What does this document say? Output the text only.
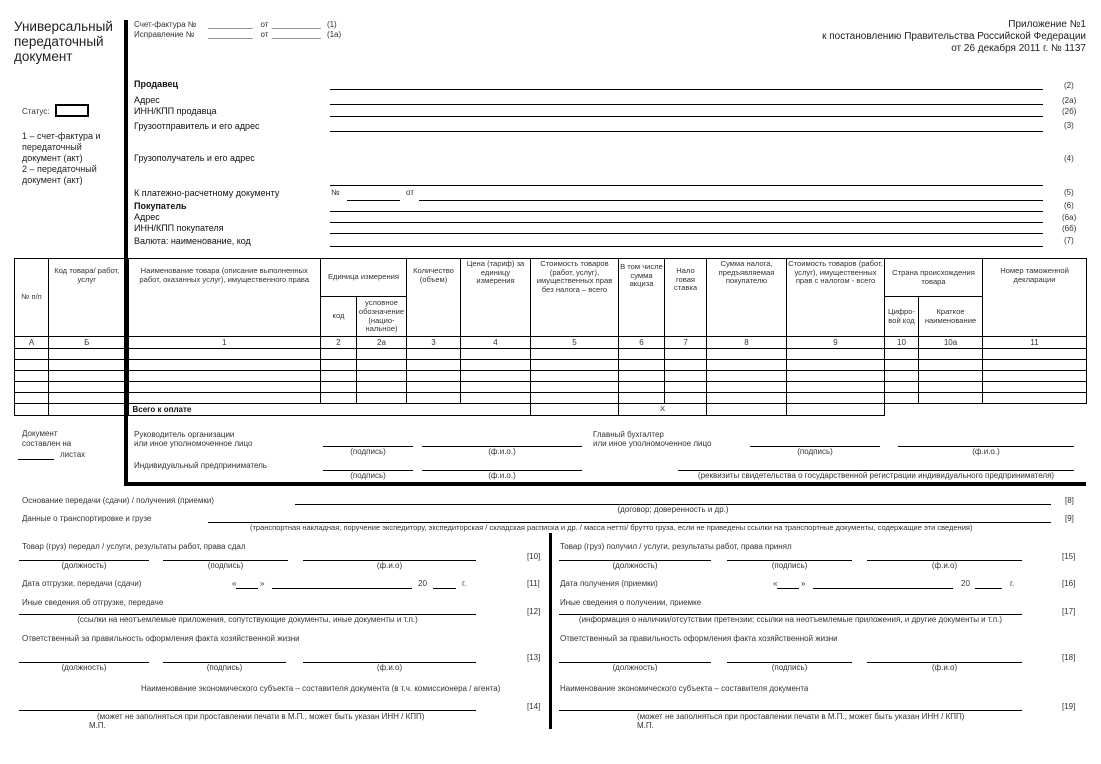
Универсальный
передаточный
документ
Статус:
1 – счет-фактура и
передаточный
документ (акт)
2 – передаточный
документ (акт)
Счет-фактура № __________ от ___________ (1)
Исправление № __________ от ___________ (1а)
Приложение №1
к постановлению Правительства Российской Федерации
от 26 декабря 2011 г. № 1137
Продавец	(2)
Адрес	(2а)
ИНН/КПП продавца	(2б)
Грузоотправитель и его адрес	(3)
Грузополучатель и его адрес	(4)
К платежно-расчетному документу	№	от	(5)
Покупатель	(6)
Адрес	(6а)
ИНН/КПП покупателя	(6б)
Валюта: наименование, код	(7)
№ п/п	Код товара/ работ, услуг	Наименование товара (описание выполненных работ, оказанных услуг), имущественного права	Единица измерения		Количество (объем)	Цена (тариф) за единицу измерения	Стоимость товаров (работ, услуг), имущественных прав без налога – всего	В том числе сумма акциза	Нало говая ставка	Сумма налога, предъявляемая покупателю	Стоимость товаров (работ, услуг), имущественных прав с налогом - всего	Страна происхождения товара		Номер таможенной декларации
			код	условное обозначение (нацио- нальное)								Цифро- вой код	Краткое наименование	
А	Б	1	2	2а	3	4	5	6	7	8	9	10	10а	11

		Всего к оплате						X						
Документ
составлен на
листах
Руководитель организации
или иное уполномоченное лицо
(подпись)	(ф.и.о.)
Главный бухгалтер
или иное уполномоченное лицо
(подпись)	(ф.и.о.)
Индивидуальный предприниматель
(подпись)	(ф.и.о.)	(реквизиты свидетельства о государственной регистрации индивидуального предпринимателя)
Основание передачи (сдачи) / получения (приемки)
(договор; доверенность и др.)
[8]
Данные о транспортировке и грузе
(транспортная накладная, поручение экспедитору, экспедиторская / складская расписка и др. / масса нетто/ брутто груза, если не приведены ссылки на транспортные документы, содержащие эти сведения)
[9]
Товар (груз) передал / услуги, результаты работ, права сдал
(должность)	(подпись)	(ф.и.о)
[10]
Дата отгрузки, передачи (сдачи)	«	»	20	г.	[11]
Иные сведения об отгрузке, передаче
(ссылки на неотъемлемые приложения, сопутствующие документы, иные документы и т.п.)
[12]
Ответственный за правильность оформления факта хозяйственной жизни
(должность)	(подпись)	(ф.и.о)
[13]
Наименование экономического субъекта – составителя документа (в т.ч. комиссионера / агента)
(может не заполняться при проставлении печати в М.П., может быть указан ИНН / КПП)
М.П.
[14]
Товар (груз) получил / услуги, результаты работ, права принял
(должность)	(подпись)	(ф.и.о)
[15]
Дата получения (приемки)	«	»	20	г.	[16]
Иные сведения о получении, приемке
(информация о наличии/отсутствии претензии; ссылки на неотъемлемые приложения, и другие документы и т.п.)
[17]
Ответственный за правильность оформления факта хозяйственной жизни
(должность)	(подпись)	(ф.и.о)
[18]
Наименование экономического субъекта – составителя документа
(может не заполняться при проставлении печати в М.П., может быть указан ИНН / КПП)
М.П.
[19]
